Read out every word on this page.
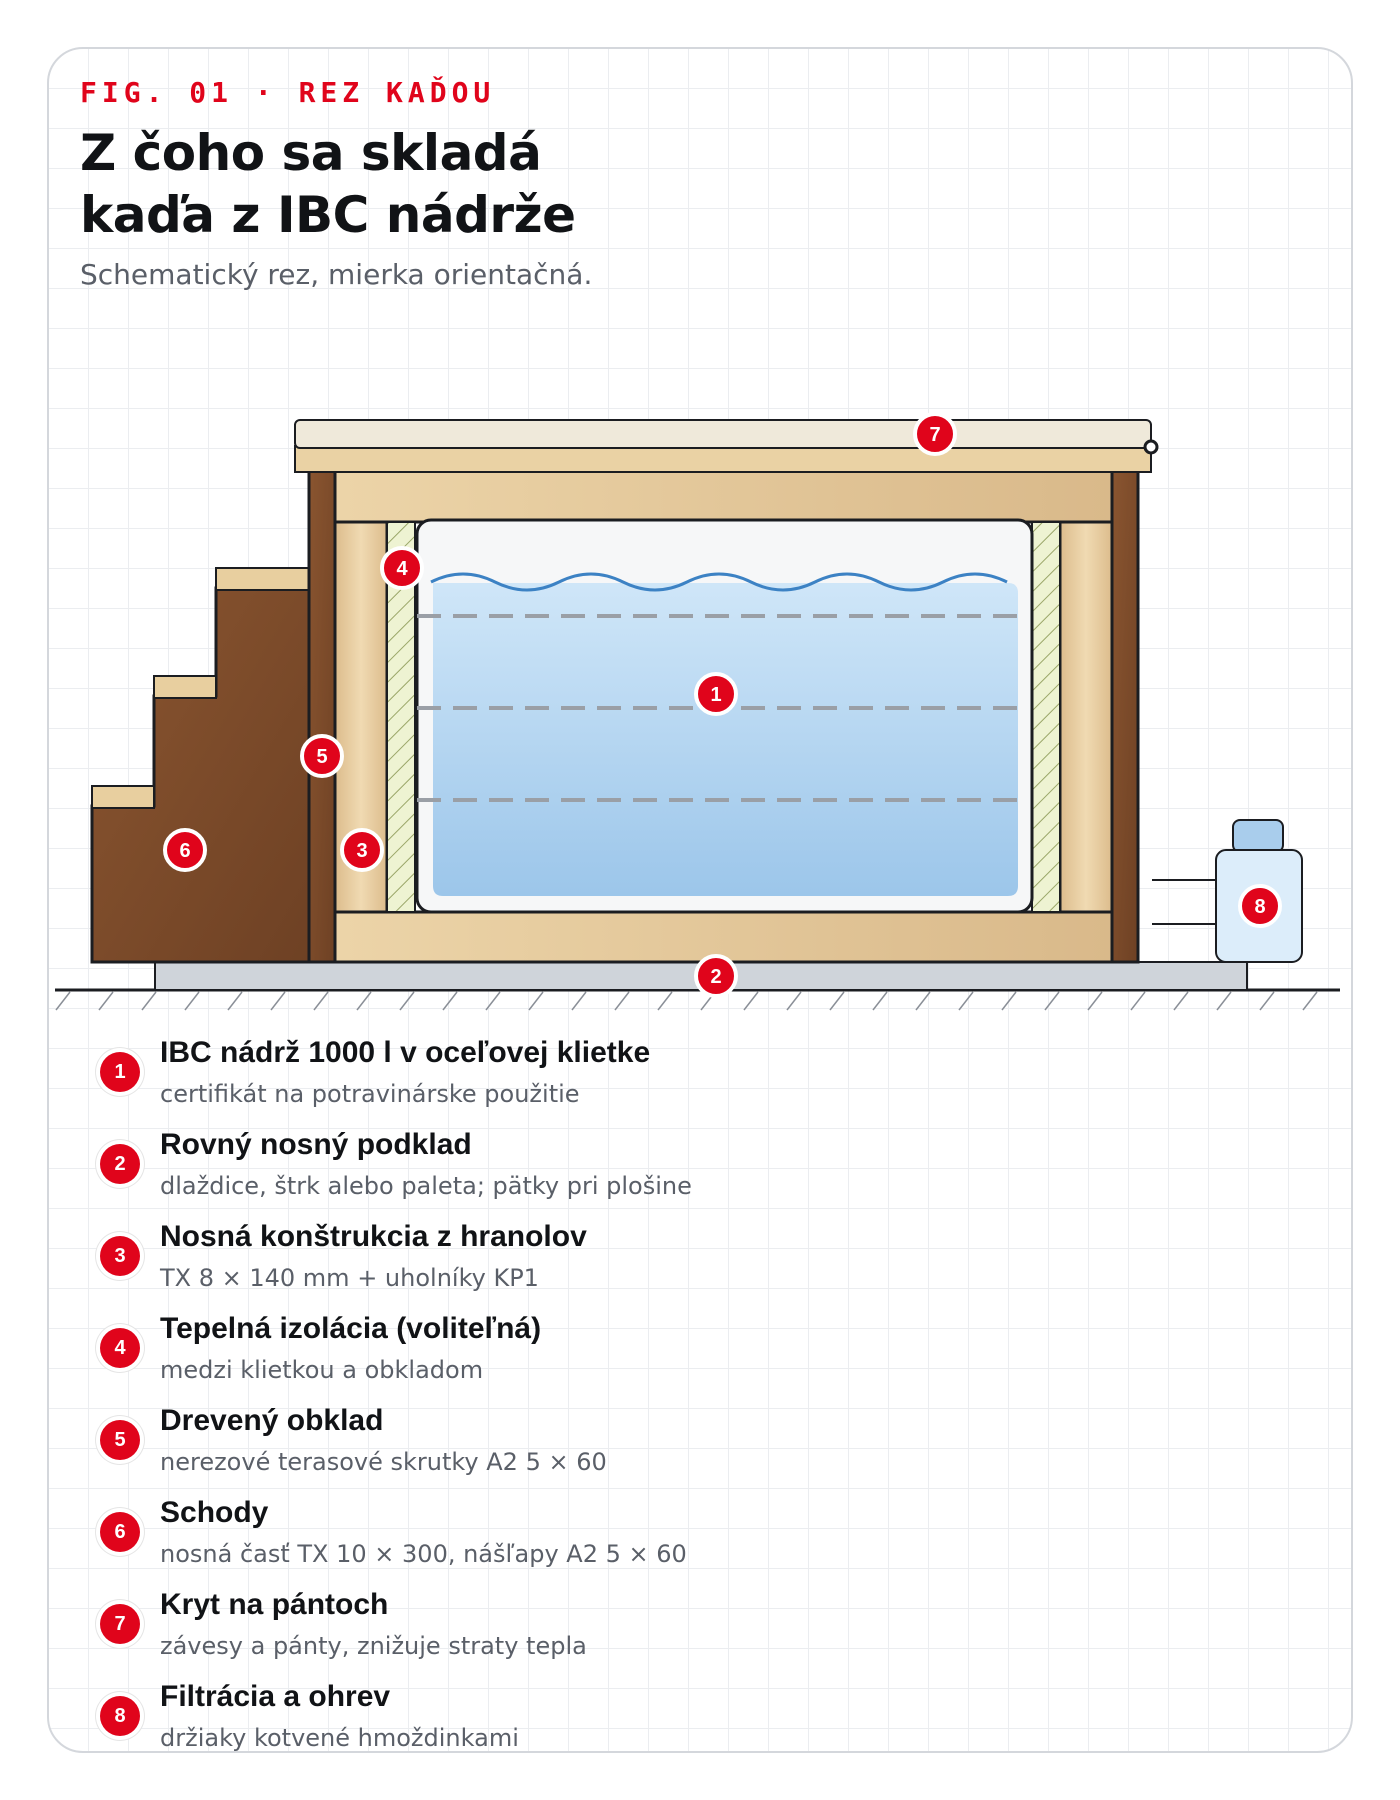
FIG. 01 · REZ KAĎOU
Z čoho sa skladá
kaďa z IBC nádrže
Schematický rez, mierka orientačná.
1
2
3
4
5
6
7
8
1
IBC nádrž 1000 l v oceľovej klietke
certifikát na potravinárske použitie
2
Rovný nosný podklad
dlaždice, štrk alebo paleta; pätky pri plošine
3
Nosná konštrukcia z hranolov
TX 8 × 140 mm + uholníky KP1
4
Tepelná izolácia (voliteľná)
medzi klietkou a obkladom
5
Drevený obklad
nerezové terasové skrutky A2 5 × 60
6
Schody
nosná časť TX 10 × 300, nášľapy A2 5 × 60
7
Kryt na pántoch
závesy a pánty, znižuje straty tepla
8
Filtrácia a ohrev
držiaky kotvené hmoždinkami
